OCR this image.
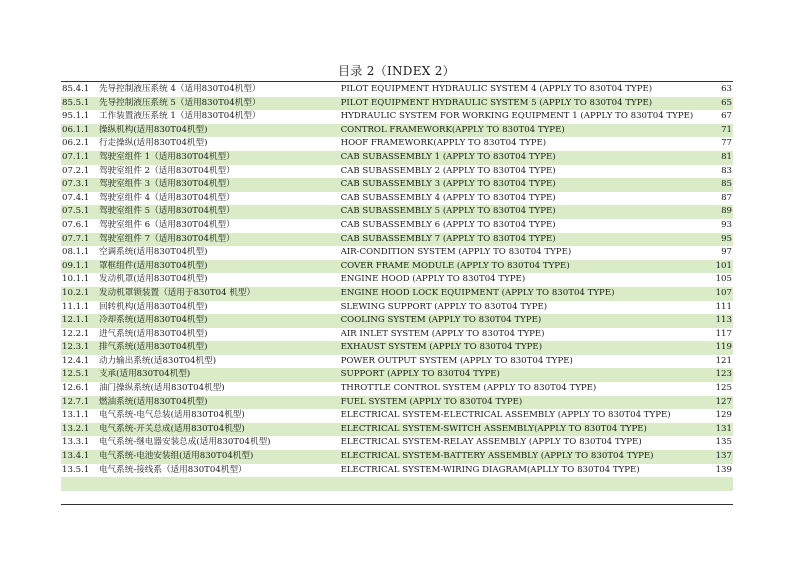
目录 2（INDEX 2）
85.4.1	先导控制液压系统 4（适用830T04机型）	PILOT EQUIPMENT HYDRAULIC SYSTEM 4 (APPLY TO 830T04 TYPE)	63
85.5.1	先导控制液压系统 5（适用830T04机型）	PILOT EQUIPMENT HYDRAULIC SYSTEM 5 (APPLY TO 830T04 TYPE)	65
95.1.1	工作装置液压系统 1（适用830T04机型）	HYDRAULIC SYSTEM FOR WORKING EQUIPMENT 1 (APPLY TO 830T04 TYPE)	67
06.1.1	操纵机构(适用830T04机型)	CONTROL FRAMEWORK(APPLY TO 830T04 TYPE)	71
06.2.1	行走操纵(适用830T04机型)	HOOF FRAMEWORK(APPLY TO 830T04 TYPE)	77
07.1.1	驾驶室组件 1（适用830T04机型）	CAB SUBASSEMBLY 1 (APPLY TO 830T04 TYPE)	81
07.2.1	驾驶室组件 2（适用830T04机型）	CAB SUBASSEMBLY 2 (APPLY TO 830T04 TYPE)	83
07.3.1	驾驶室组件 3（适用830T04机型）	CAB SUBASSEMBLY 3 (APPLY TO 830T04 TYPE)	85
07.4.1	驾驶室组件 4（适用830T04机型）	CAB SUBASSEMBLY 4 (APPLY TO 830T04 TYPE)	87
07.5.1	驾驶室组件 5（适用830T04机型）	CAB SUBASSEMBLY 5 (APPLY TO 830T04 TYPE)	89
07.6.1	驾驶室组件 6（适用830T04机型）	CAB SUBASSEMBLY 6 (APPLY TO 830T04 TYPE)	93
07.7.1	驾驶室组件 7（适用830T04机型）	CAB SUBASSEMBLY 7 (APPLY TO 830T04 TYPE)	95
08.1.1	空调系统(适用830T04机型)	AIR-CONDITION SYSTEM (APPLY TO 830T04 TYPE)	97
09.1.1	罩框组件(适用830T04机型)	COVER FRAME MODULE (APPLY TO 830T04 TYPE)	101
10.1.1	发动机罩(适用830T04机型)	ENGINE HOOD (APPLY TO 830T04 TYPE)	105
10.2.1	发动机罩锁装置（适用于830T04 机型）	ENGINE HOOD LOCK EQUIPMENT (APPLY TO 830T04 TYPE)	107
11.1.1	回转机构(适用830T04机型)	SLEWING SUPPORT (APPLY TO 830T04 TYPE)	111
12.1.1	冷却系统(适用830T04机型)	COOLING SYSTEM (APPLY TO 830T04 TYPE)	113
12.2.1	进气系统(适用830T04机型)	AIR INLET SYSTEM (APPLY TO 830T04 TYPE)	117
12.3.1	排气系统(适用830T04机型)	EXHAUST SYSTEM (APPLY TO 830T04 TYPE)	119
12.4.1	动力输出系统(适830T04机型)	POWER OUTPUT SYSTEM (APPLY TO 830T04 TYPE)	121
12.5.1	支承(适用830T04机型)	SUPPORT (APPLY TO 830T04 TYPE)	123
12.6.1	油门操纵系统(适用830T04机型)	THROTTLE CONTROL SYSTEM (APPLY TO 830T04 TYPE)	125
12.7.1	燃油系统(适用830T04机型)	FUEL SYSTEM (APPLY TO 830T04 TYPE)	127
13.1.1	电气系统-电气总装(适用830T04机型)	ELECTRICAL SYSTEM-ELECTRICAL ASSEMBLY (APPLY TO 830T04 TYPE)	129
13.2.1	电气系统-开关总成(适用830T04机型)	ELECTRICAL SYSTEM-SWITCH ASSEMBLY(APPLY TO 830T04 TYPE)	131
13.3.1	电气系统-继电器安装总成(适用830T04机型)	ELECTRICAL SYSTEM-RELAY ASSEMBLY (APPLY TO 830T04 TYPE)	135
13.4.1	电气系统-电池安装组(适用830T04机型)	ELECTRICAL SYSTEM-BATTERY ASSEMBLY (APPLY TO 830T04 TYPE)	137
13.5.1	电气系统-接线系（适用830T04机型）	ELECTRICAL SYSTEM-WIRING DIAGRAM(APLLY TO 830T04 TYPE)	139
